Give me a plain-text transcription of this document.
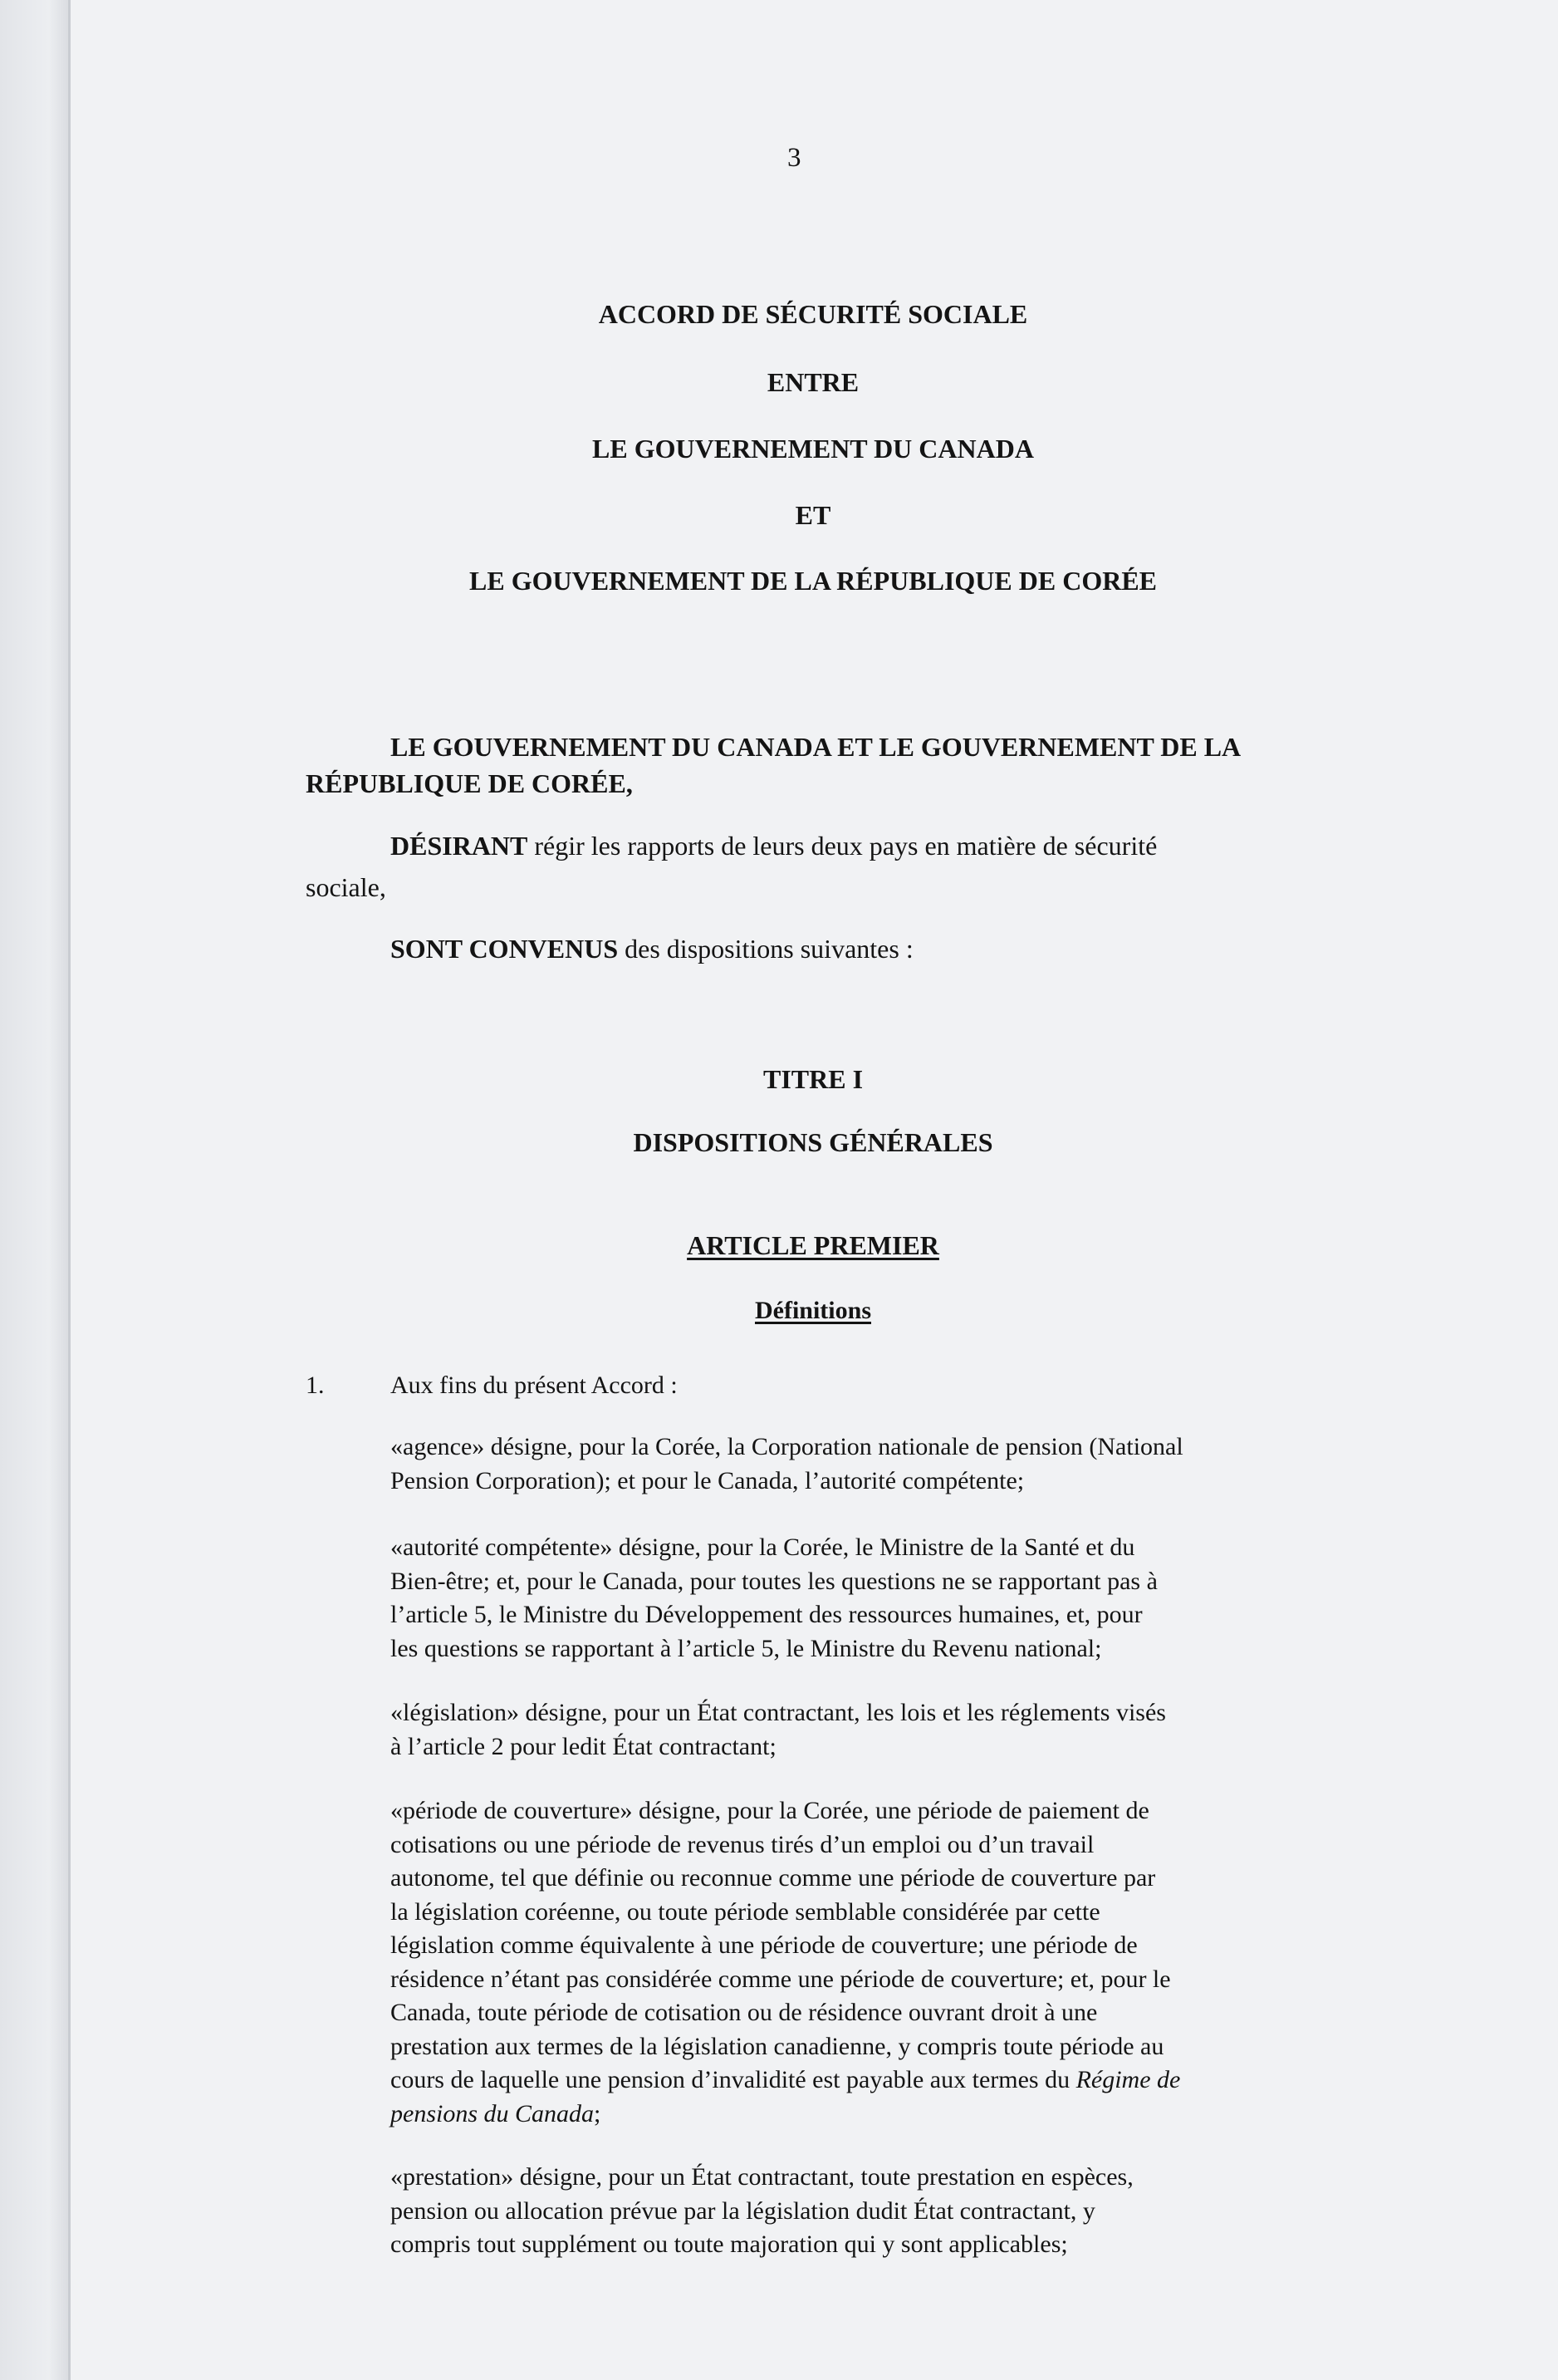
3
ACCORD DE SÉCURITÉ SOCIALE
ENTRE
LE GOUVERNEMENT DU CANADA
ET
LE GOUVERNEMENT DE LA RÉPUBLIQUE DE CORÉE
LE GOUVERNEMENT DU CANADA ET LE GOUVERNEMENT DE LA
RÉPUBLIQUE DE CORÉE,
DÉSIRANT régir les rapports de leurs deux pays en matière de sécurité
sociale,
SONT CONVENUS des dispositions suivantes :
TITRE I
DISPOSITIONS GÉNÉRALES
ARTICLE PREMIER
Définitions
1.	Aux fins du présent Accord :
«agence» désigne, pour la Corée, la Corporation nationale de pension (National
Pension Corporation); et pour le Canada, l’autorité compétente;
«autorité compétente» désigne, pour la Corée, le Ministre de la Santé et du
Bien-être; et, pour le Canada, pour toutes les questions ne se rapportant pas à
l’article 5, le Ministre du Développement des ressources humaines, et, pour
les questions se rapportant à l’article 5, le Ministre du Revenu national;
«législation» désigne, pour un État contractant, les lois et les réglements visés
à l’article 2 pour ledit État contractant;
«période de couverture» désigne, pour la Corée, une période de paiement de
cotisations ou une période de revenus tirés d’un emploi ou d’un travail
autonome, tel que définie ou reconnue comme une période de couverture par
la législation coréenne, ou toute période semblable considérée par cette
législation comme équivalente à une période de couverture; une période de
résidence n’étant pas considérée comme une période de couverture; et, pour le
Canada, toute période de cotisation ou de résidence ouvrant droit à une
prestation aux termes de la législation canadienne, y compris toute période au
cours de laquelle une pension d’invalidité est payable aux termes du Régime de
pensions du Canada;
«prestation» désigne, pour un État contractant, toute prestation en espèces,
pension ou allocation prévue par la législation dudit État contractant, y
compris tout supplément ou toute majoration qui y sont applicables;
